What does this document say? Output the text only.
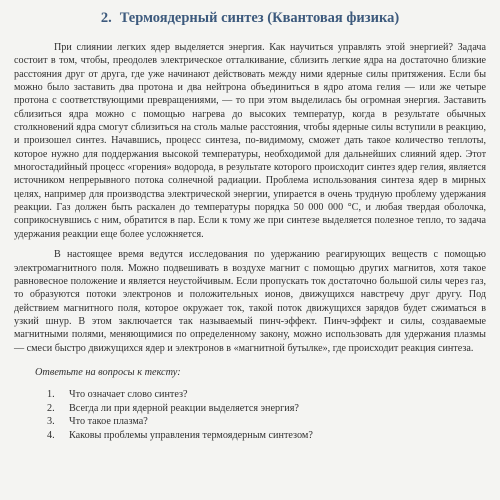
2. Термоядерный синтез (Квантовая физика)

При слиянии легких ядер выделяется энергия. Как научиться управлять этой энергией? Задача состоит в том, чтобы, преодолев электрическое отталкивание, сблизить легкие ядра на достаточно близкие расстояния друг от друга, где уже начинают действовать между ними ядерные силы притяжения. Если бы можно было заставить два протона и два нейтрона объединиться в ядро атома гелия — или же четыре протона с соответствующими превращениями, — то при этом выделилась бы огромная энергия. Заставить сблизиться ядра можно с помощью нагрева до высоких температур, когда в результате обычных столкновений ядра смогут сблизиться на столь малые расстояния, чтобы ядерные силы вступили в реакцию, и произошел синтез. Начавшись, процесс синтеза, по-видимому, сможет дать такое количество теплоты, которое нужно для поддержания высокой температуры, необходимой для дальнейших слияний ядер. Этот многостадийный процесс «горения» водорода, в результате которого происходит синтез ядер гелия, является источником непрерывного потока солнечной радиации. Проблема использования синтеза ядер в мирных целях, например для производства электрической энергии, упирается в очень трудную проблему удержания реакции. Газ должен быть раскален до температуры порядка 50 000 000 °С, и любая твердая оболочка, соприкоснувшись с ним, обратится в пар. Если к тому же при синтезе выделяется полезное тепло, то задача удержания реакции еще более усложняется.

В настоящее время ведутся исследования по удержанию реагирующих веществ с помощью электромагнитного поля. Можно подвешивать в воздухе магнит с помощью других магнитов, хотя такое равновесное положение и является неустойчивым. Если пропускать ток достаточно большой силы через газ, то образуются потоки электронов и положительных ионов, движущихся навстречу друг другу. Под действием магнитного поля, которое окружает ток, такой поток движущихся зарядов будет сжиматься в узкий шнур. В этом заключается так называемый пинч-эффект. Пинч-эффект и силы, создаваемые магнитными полями, меняющимися по определенному закону, можно использовать для удержания плазмы — смеси быстро движущихся ядер и электронов в «магнитной бутылке», где происходит реакция синтеза.

Ответьте на вопросы к тексту:
1.	Что означает слово синтез?
2.	Всегда ли при ядерной реакции выделяется энергия?
3.	Что такое плазма?
4.	Каковы проблемы управления термоядерным синтезом?
